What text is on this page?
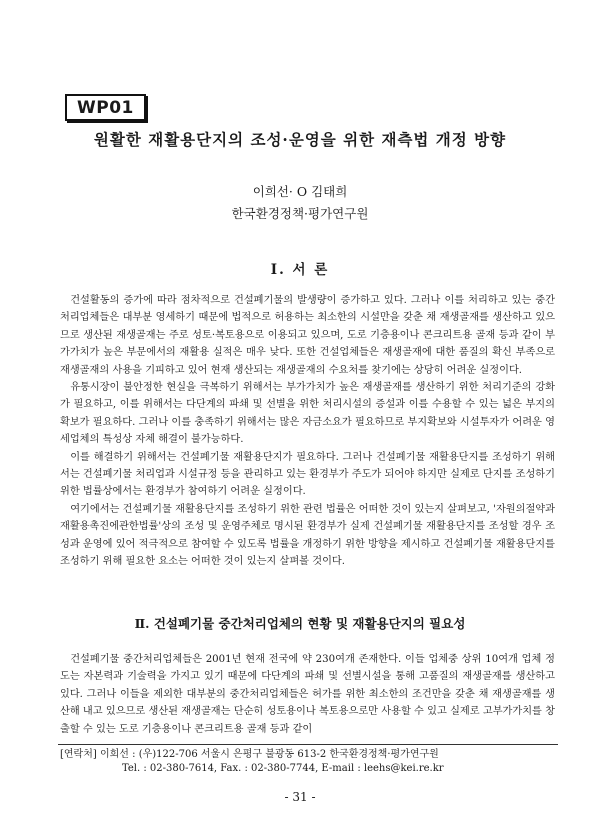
WP01
원활한 재활용단지의 조성·운영을 위한 재측법 개정 방향
이희선· O 김태희
한국환경정책·평가연구원
I. 서 론

건설활동의 증가에 따라 점차적으로 건설폐기물의 발생량이 증가하고 있다. 그러나 이를 처리하고 있는 중간처리업체들은 대부분 영세하기 때문에 법적으로 허용하는 최소한의 시설만을 갖춘 채 재생골재를 생산하고 있으므로 생산된 재생골재는 주로 성토·복토용으로 이용되고 있으며, 도로 기층용이나 콘크리트용 골재 등과 같이 부가가치가 높은 부문에서의 재활용 실적은 매우 낮다. 또한 건설업체들은 재생골재에 대한 품질의 확신 부족으로 재생골재의 사용을 기피하고 있어 현재 생산되는 재생골재의 수요처를 찾기에는 상당히 어려운 실정이다.

유통시장이 불안정한 현실을 극복하기 위해서는 부가가치가 높은 재생골재를 생산하기 위한 처리기준의 강화가 필요하고, 이를 위해서는 다단계의 파쇄 및 선별을 위한 처리시설의 증설과 이를 수용할 수 있는 넓은 부지의 확보가 필요하다. 그러나 이를 충족하기 위해서는 많은 자금소요가 필요하므로 부지확보와 시설투자가 어려운 영세업체의 특성상 자체 해결이 불가능하다.

이를 해결하기 위해서는 건설폐기물 재활용단지가 필요하다. 그러나 건설폐기물 재활용단지를 조성하기 위해서는 건설폐기물 처리업과 시설규정 등을 관리하고 있는 환경부가 주도가 되어야 하지만 실제로 단지를 조성하기 위한 법률상에서는 환경부가 참여하기 어려운 실정이다.

여기에서는 건설폐기물 재활용단지를 조성하기 위한 관련 법률은 어떠한 것이 있는지 살펴보고, '자원의절약과재활용촉진에관한법률'상의 조성 및 운영주체로 명시된 환경부가 실제 건설폐기물 재활용단지를 조성할 경우 조성과 운영에 있어 적극적으로 참여할 수 있도록 법률을 개정하기 위한 방향을 제시하고 건설폐기물 재활용단지를 조성하기 위해 필요한 요소는 어떠한 것이 있는지 살펴볼 것이다.

Ⅱ. 건설폐기물 중간처리업체의 현황 및 재활용단지의 필요성

건설폐기물 중간처리업체들은 2001년 현재 전국에 약 230여개 존재한다. 이들 업체중 상위 10여개 업체 정도는 자본력과 기술력을 가지고 있기 때문에 다단계의 파쇄 및 선별시설을 통해 고품질의 재생골재를 생산하고 있다. 그러나 이들을 제외한 대부분의 중간처리업체들은 허가를 위한 최소한의 조건만을 갖춘 채 재생골재를 생산해 내고 있으므로 생산된 재생골재는 단순히 성토용이나 복토용으로만 사용할 수 있고 실제로 고부가가치를 창출할 수 있는 도로 기층용이나 콘크리트용 골재 등과 같이

[연락처] 이희선 : (우)122-706 서울시 은평구 불광동 613-2 한국환경정책·평가연구원
Tel. : 02-380-7614, Fax. : 02-380-7744, E-mail : leehs@kei.re.kr
- 31 -
